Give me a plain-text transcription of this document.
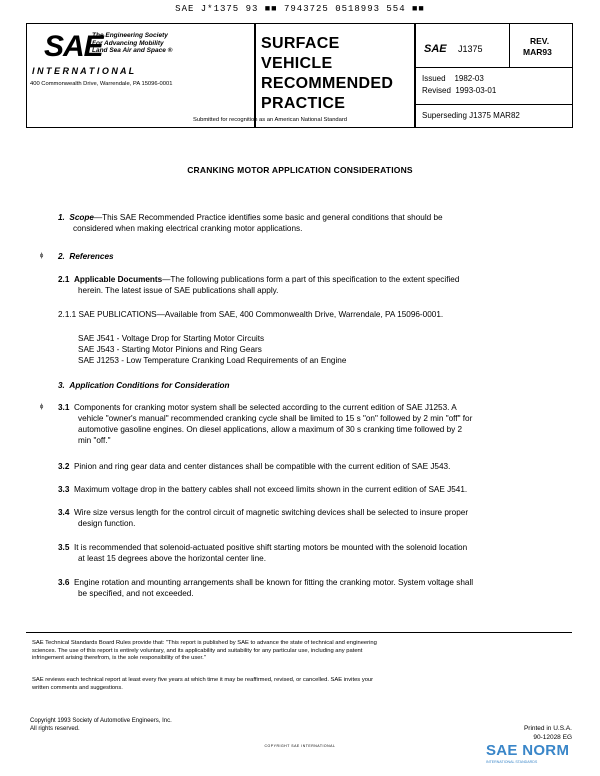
SAE J*1375 93 ■■ 7943725 0518993 554 ■■
SAE
The Engineering Society
For Advancing Mobility
Land Sea Air and Space ®
I N T E R N A T I O N A L
400 Commonwealth Drive, Warrendale, PA 15096-0001
SURFACE
VEHICLE
RECOMMENDED
PRACTICE
Submitted for recognition as an American National Standard
SAE J1375
REV.
MAR93
Issued    1982-03
Revised  1993-03-01
Superseding J1375 MAR82
CRANKING MOTOR APPLICATION CONSIDERATIONS
1. Scope—This SAE Recommended Practice identifies some basic and general conditions that should be
considered when making electrical cranking motor applications.
ɸ 2. References
2.1 Applicable Documents—The following publications form a part of this specification to the extent specified
herein. The latest issue of SAE publications shall apply.
2.1.1 SAE PUBLICATIONS—Available from SAE, 400 Commonwealth Drive, Warrendale, PA 15096-0001.
SAE J541 - Voltage Drop for Starting Motor Circuits
SAE J543 - Starting Motor Pinions and Ring Gears
SAE J1253 - Low Temperature Cranking Load Requirements of an Engine
3. Application Conditions for Consideration
ɸ 3.1 Components for cranking motor system shall be selected according to the current edition of SAE J1253. A
vehicle "owner's manual" recommended cranking cycle shall be limited to 15 s "on" followed by 2 min "off" for
automotive gasoline engines. On diesel applications, allow a maximum of 30 s cranking time followed by 2
min "off."
3.2 Pinion and ring gear data and center distances shall be compatible with the current edition of SAE J543.
3.3 Maximum voltage drop in the battery cables shall not exceed limits shown in the current edition of SAE J541.
3.4 Wire size versus length for the control circuit of magnetic switching devices shall be selected to insure proper
design function.
3.5 It is recommended that solenoid-actuated positive shift starting motors be mounted with the solenoid location
at least 15 degrees above the horizontal center line.
3.6 Engine rotation and mounting arrangements shall be known for fitting the cranking motor. System voltage shall
be specified, and not exceeded.
SAE Technical Standards Board Rules provide that: "This report is published by SAE to advance the state of technical and engineering
sciences. The use of this report is entirely voluntary, and its applicability and suitability for any particular use, including any patent
infringement arising therefrom, is the sole responsibility of the user."
SAE reviews each technical report at least every five years at which time it may be reaffirmed, revised, or cancelled. SAE invites your
written comments and suggestions.
Copyright 1993 Society of Automotive Engineers, Inc.
All rights reserved.	Printed in U.S.A.
90-12028 EG
COPYRIGHT SAE INTERNATIONAL	SAE NORM
INTERNATIONAL STANDARDS
